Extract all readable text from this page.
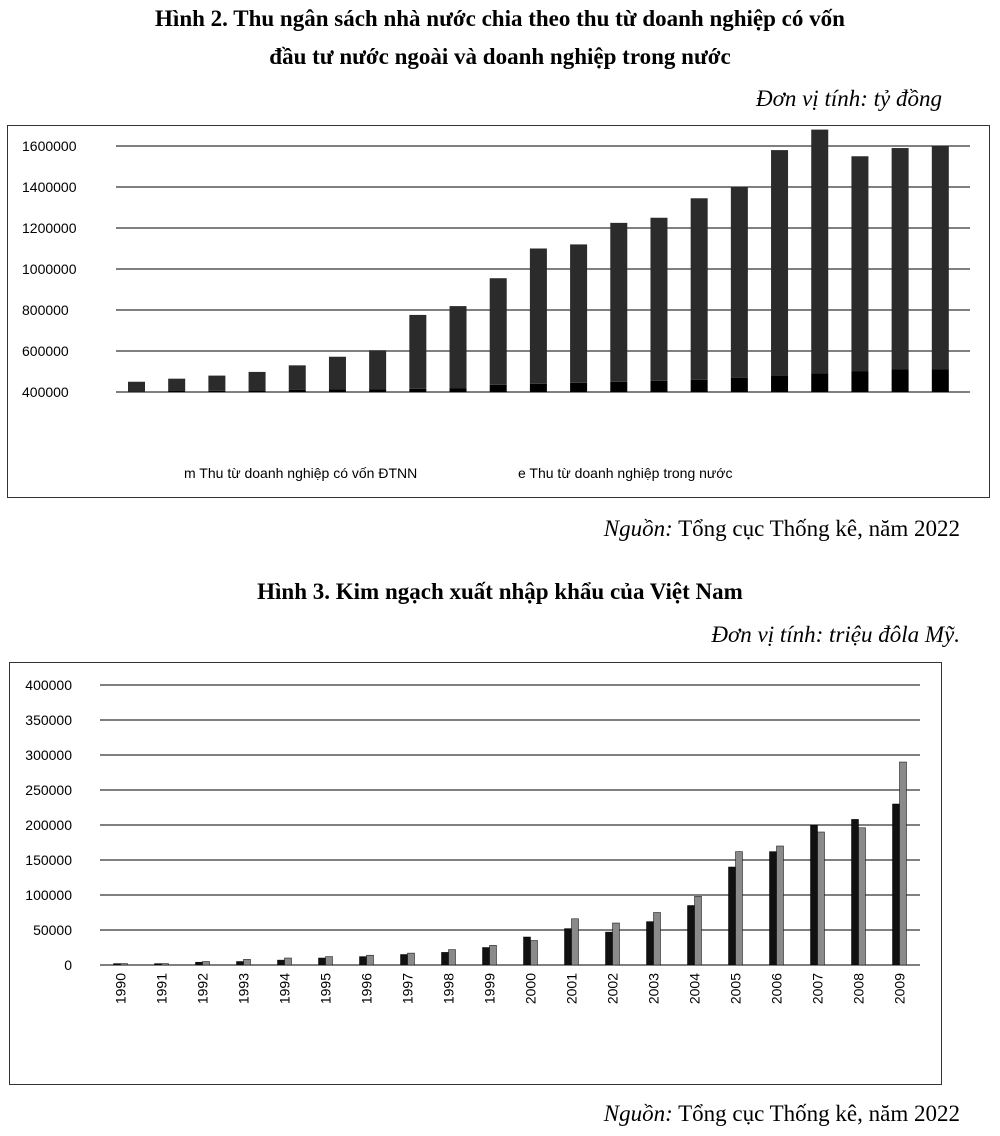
Hình 2. Thu ngân sách nhà nước chia theo thu từ doanh nghiệp có vốn
đầu tư nước ngoài và doanh nghiệp trong nước
Đơn vị tính: tỷ đồng
400000
600000
800000
1000000
1200000
1400000
1600000
m Thu từ doanh nghiệp có vốn ĐTNN	e Thu từ doanh nghiệp trong nước
Nguồn: Tổng cục Thống kê, năm 2022
Hình 3. Kim ngạch xuất nhập khẩu của Việt Nam
Đơn vị tính: triệu đôla Mỹ.
0
50000
100000
150000
200000
250000
300000
350000
400000
1990 1991 1992 1993 1994 1995 1996 1997 1998 1999 2000 2001 2002 2003 2004 2005 2006 2007 2008 2009
Nguồn: Tổng cục Thống kê, năm 2022
